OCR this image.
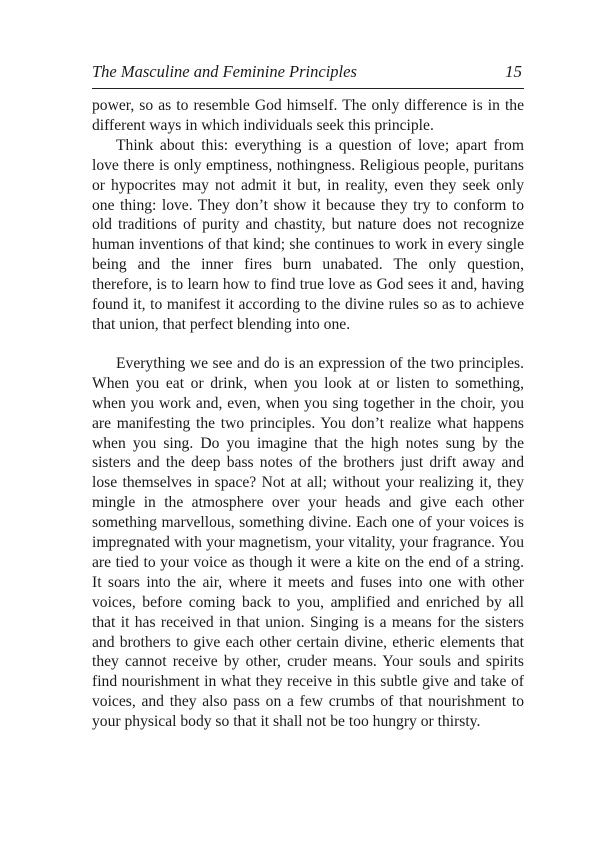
The Masculine and Feminine Principles	15

power, so as to resemble God himself. The only difference is in the different ways in which individuals seek this principle.

Think about this: everything is a question of love; apart from love there is only emptiness, nothingness. Religious people, puritans or hypocrites may not admit it but, in reality, even they seek only one thing: love. They don’t show it because they try to conform to old traditions of purity and chastity, but nature does not recognize human inventions of that kind; she continues to work in every single being and the inner fires burn unabated. The only question, therefore, is to learn how to find true love as God sees it and, having found it, to manifest it according to the divine rules so as to achieve that union, that perfect blending into one.

Everything we see and do is an expression of the two principles. When you eat or drink, when you look at or listen to something, when you work and, even, when you sing together in the choir, you are manifesting the two principles. You don’t realize what happens when you sing. Do you imagine that the high notes sung by the sisters and the deep bass notes of the brothers just drift away and lose themselves in space? Not at all; without your realizing it, they mingle in the atmosphere over your heads and give each other something marvellous, something divine. Each one of your voices is impregnated with your magnetism, your vitality, your fragrance. You are tied to your voice as though it were a kite on the end of a string. It soars into the air, where it meets and fuses into one with other voices, before coming back to you, amplified and enriched by all that it has received in that union. Singing is a means for the sisters and brothers to give each other certain divine, etheric elements that they cannot receive by other, cruder means. Your souls and spirits find nourishment in what they receive in this subtle give and take of voices, and they also pass on a few crumbs of that nourishment to your physical body so that it shall not be too hungry or thirsty.
